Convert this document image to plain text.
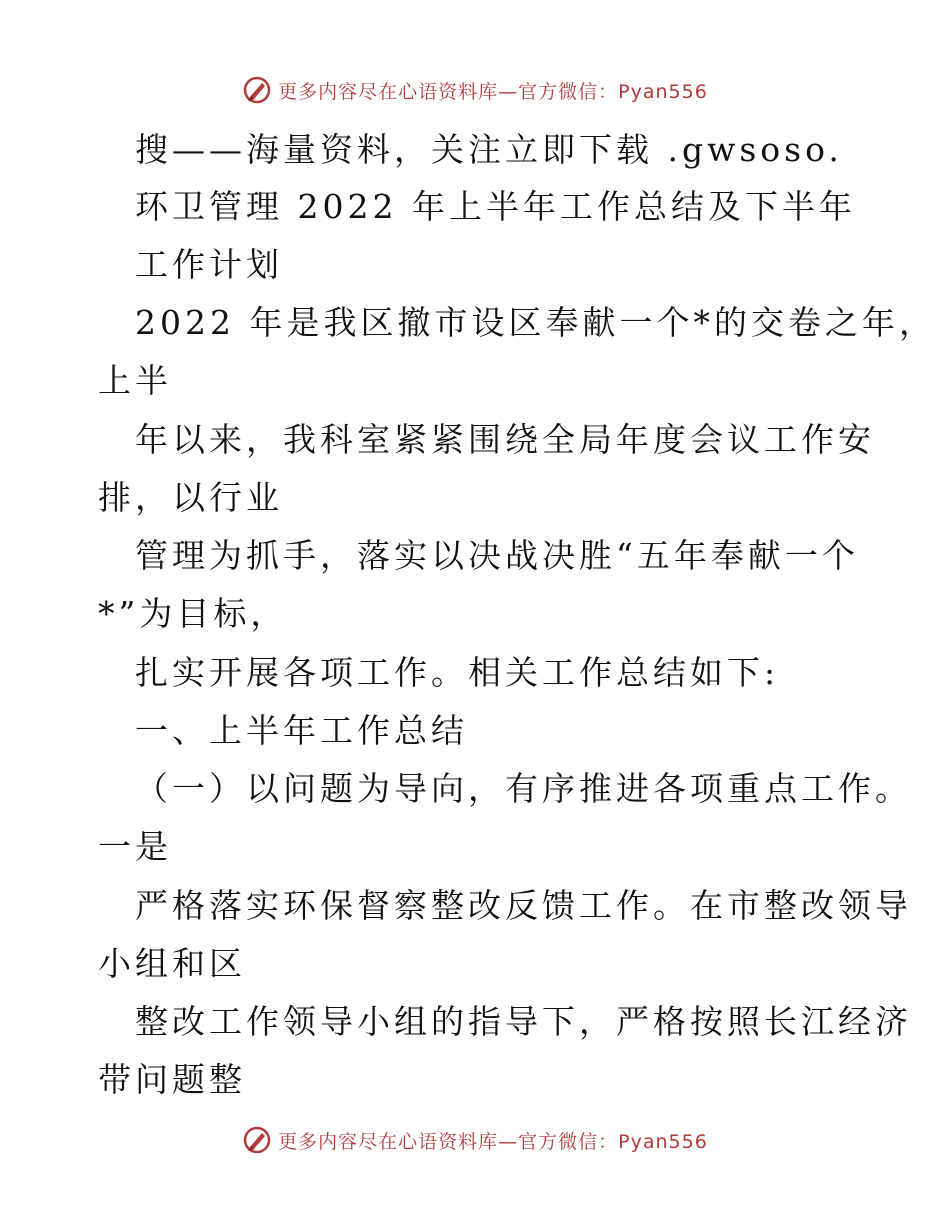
更多内容尽在心语资料库—官方微信：Pyan556
搜——海量资料，关注立即下载 .gwsoso.
环卫管理 2022 年上半年工作总结及下半年
工作计划
2022 年是我区撤市设区奉献一个*的交卷之年，
上半
年以来，我科室紧紧围绕全局年度会议工作安
排，以行业
管理为抓手，落实以决战决胜“五年奉献一个
*”为目标，
扎实开展各项工作。相关工作总结如下:
一、上半年工作总结
（一）以问题为导向，有序推进各项重点工作。
一是
严格落实环保督察整改反馈工作。在市整改领导
小组和区
整改工作领导小组的指导下，严格按照长江经济
带问题整
更多内容尽在心语资料库—官方微信：Pyan556
